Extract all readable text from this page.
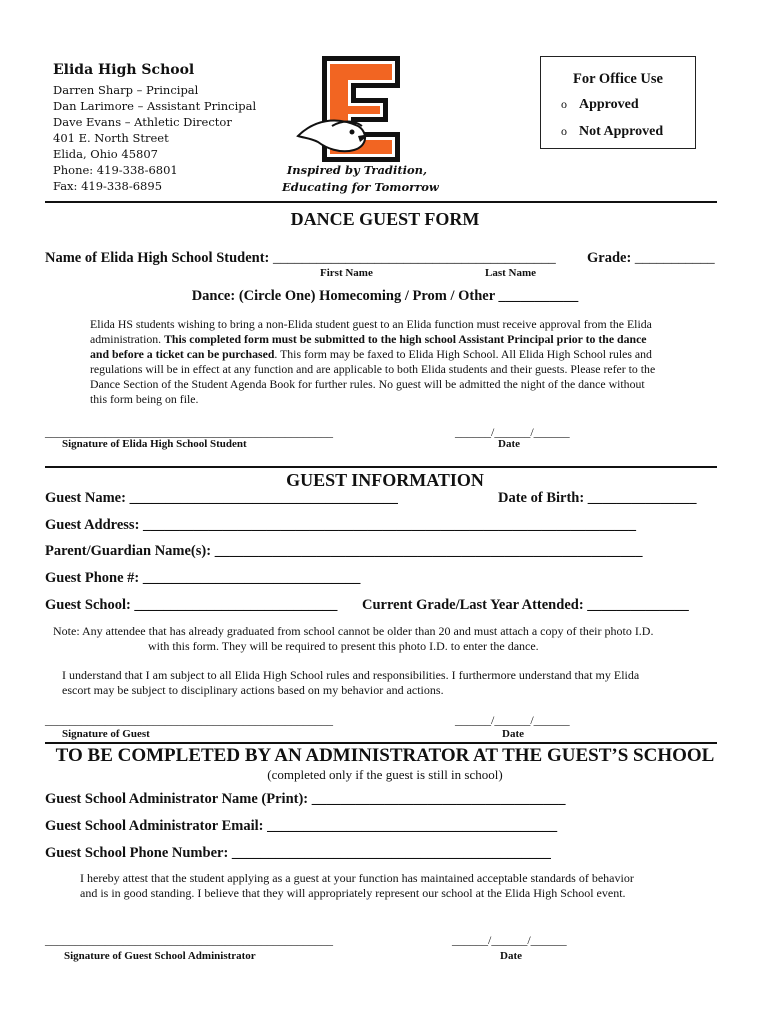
Elida High School
Darren Sharp – Principal
Dan Larimore – Assistant Principal
Dave Evans – Athletic Director
401 E. North Street
Elida, Ohio 45807
Phone: 419-338-6801
Fax: 419-338-6895
Inspired by Tradition,
Educating for Tomorrow
For Office Use
o Approved
o Not Approved
DANCE GUEST FORM
Name of Elida High School Student: _______________________________________ Grade: ___________
First Name	Last Name
Dance: (Circle One) Homecoming / Prom / Other ___________
Elida HS students wishing to bring a non-Elida student guest to an Elida function must receive approval from the Elida
administration. This completed form must be submitted to the high school Assistant Principal prior to the dance
and before a ticket can be purchased. This form may be faxed to Elida High School. All Elida High School rules and
regulations will be in effect at any function and are applicable to both Elida students and their guests. Please refer to the
Dance Section of the Student Agenda Book for further rules. No guest will be admitted the night of the dance without
this form being on file.
________________________________________________	______/______/______
Signature of Elida High School Student	Date
GUEST INFORMATION
Guest Name: _____________________________________	Date of Birth: _______________
Guest Address: ____________________________________________________________________
Parent/Guardian Name(s): ___________________________________________________________
Guest Phone #: ______________________________
Guest School: ____________________________ Current Grade/Last Year Attended: ______________
Note: Any attendee that has already graduated from school cannot be older than 20 and must attach a copy of their photo I.D.
with this form. They will be required to present this photo I.D. to enter the dance.
I understand that I am subject to all Elida High School rules and responsibilities. I furthermore understand that my Elida
escort may be subject to disciplinary actions based on my behavior and actions.
________________________________________________	______/______/______
Signature of Guest	Date
TO BE COMPLETED BY AN ADMINISTRATOR AT THE GUEST’S SCHOOL
(completed only if the guest is still in school)
Guest School Administrator Name (Print): ___________________________________
Guest School Administrator Email: ________________________________________
Guest School Phone Number: ____________________________________________
I hereby attest that the student applying as a guest at your function has maintained acceptable standards of behavior
and is in good standing. I believe that they will appropriately represent our school at the Elida High School event.
________________________________________________	______/______/______
Signature of Guest School Administrator	Date
